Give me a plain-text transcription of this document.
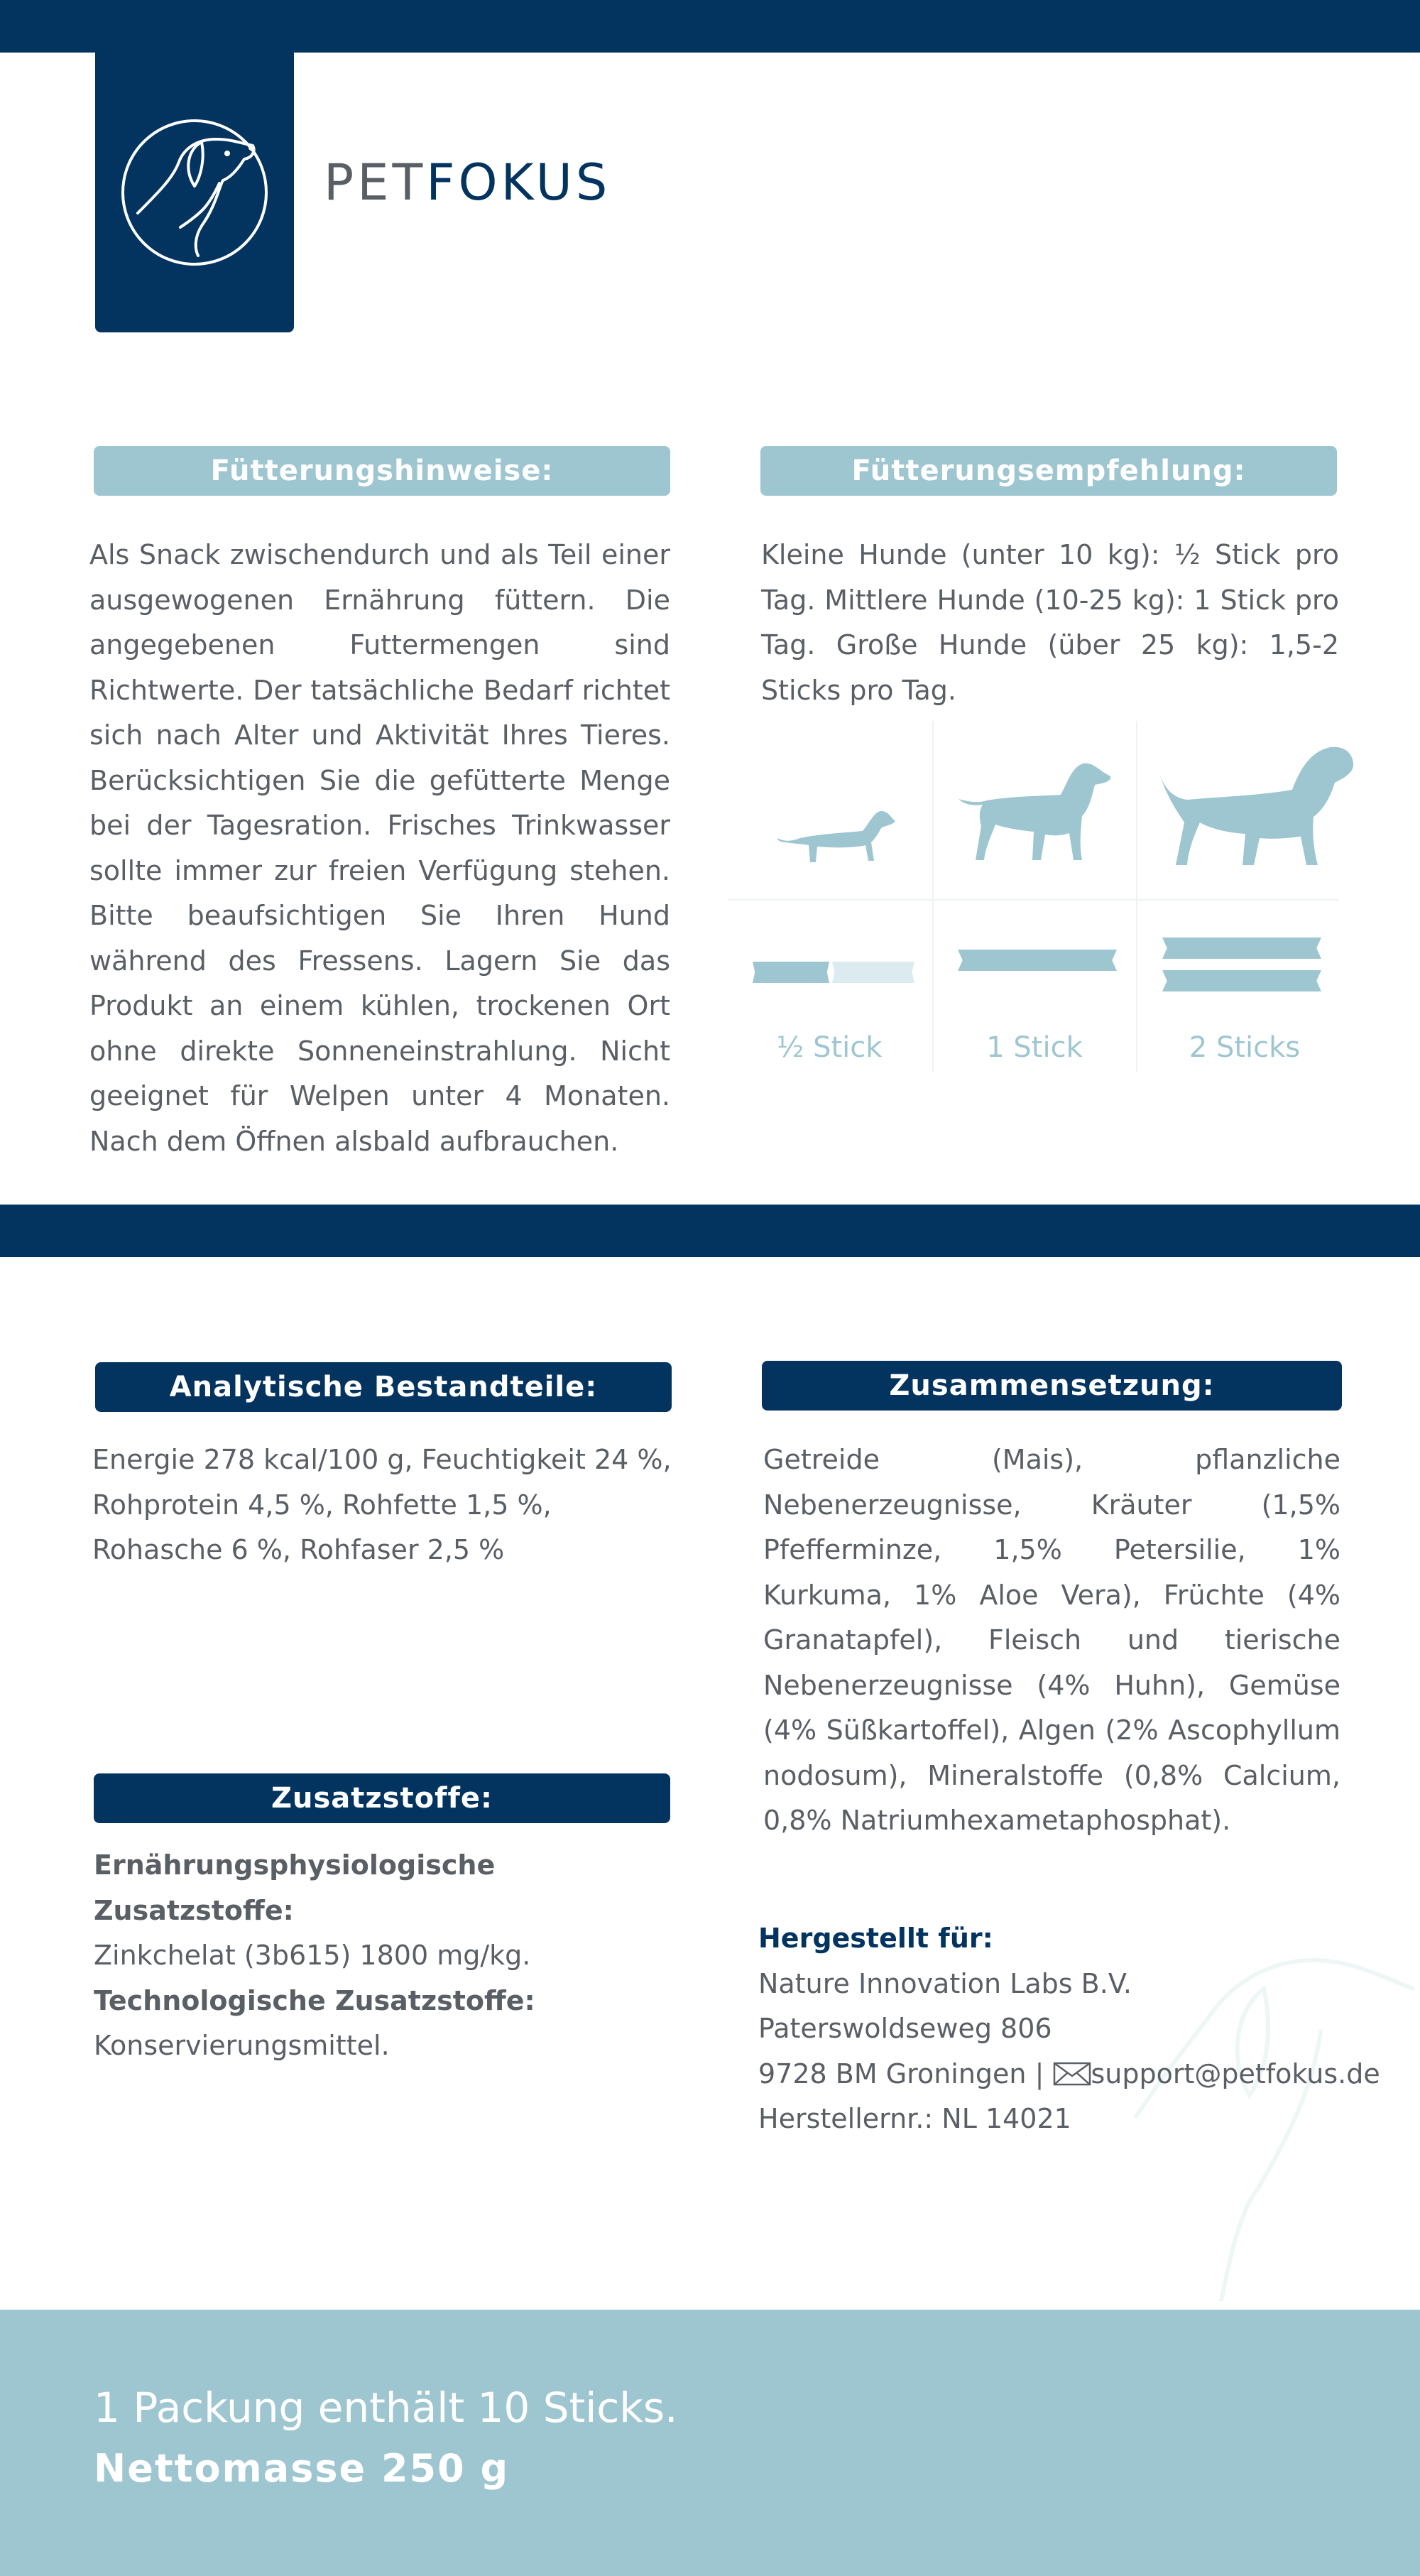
PETFOKUS
Fütterungshinweise:

Als Snack zwischendurch und als Teil einer ausgewogenen Ernährung füttern. Die angegebenen Futtermengen sind Richtwerte. Der tatsächliche Bedarf richtet sich nach Alter und Aktivität Ihres Tieres. Berücksichtigen Sie die gefütterte Menge bei der Tagesration. Frisches Trinkwasser sollte immer zur freien Verfügung stehen. Bitte beaufsichtigen Sie Ihren Hund während des Fressens. Lagern Sie das Produkt an einem kühlen, trockenen Ort ohne direkte Sonneneinstrahlung. Nicht geeignet für Welpen unter 4 Monaten. Nach dem Öffnen alsbald aufbrauchen.

Fütterungsempfehlung:

Kleine Hunde (unter 10 kg): ½ Stick pro Tag. Mittlere Hunde (10-25 kg): 1 Stick pro Tag. Große Hunde (über 25 kg): 1,5-2 Sticks pro Tag.

½ Stick	1 Stick	2 Sticks
Analytische Bestandteile:

Energie 278 kcal/100 g, Feuchtigkeit 24 %, Rohprotein 4,5 %, Rohfette 1,5 %, Rohasche 6 %, Rohfaser 2,5 %

Zusammensetzung:

Getreide (Mais), pflanzliche Nebenerzeugnisse, Kräuter (1,5% Pfefferminze, 1,5% Petersilie, 1% Kurkuma, 1% Aloe Vera), Früchte (4% Granatapfel), Fleisch und tierische Nebenerzeugnisse (4% Huhn), Gemüse (4% Süßkartoffel), Algen (2% Ascophyllum nodosum), Mineralstoffe (0,8% Calcium, 0,8% Natriumhexametaphosphat).

Zusatzstoffe:
Ernährungsphysiologische Zusatzstoffe:
Zinkchelat (3b615) 1800 mg/kg.
Technologische Zusatzstoffe:
Konservierungsmittel.
Hergestellt für:
Nature Innovation Labs B.V.
Paterswoldseweg 806
9728 BM Groningen | support@petfokus.de
Herstellernr.: NL 14021
1 Packung enthält 10 Sticks.
Nettomasse 250 g
